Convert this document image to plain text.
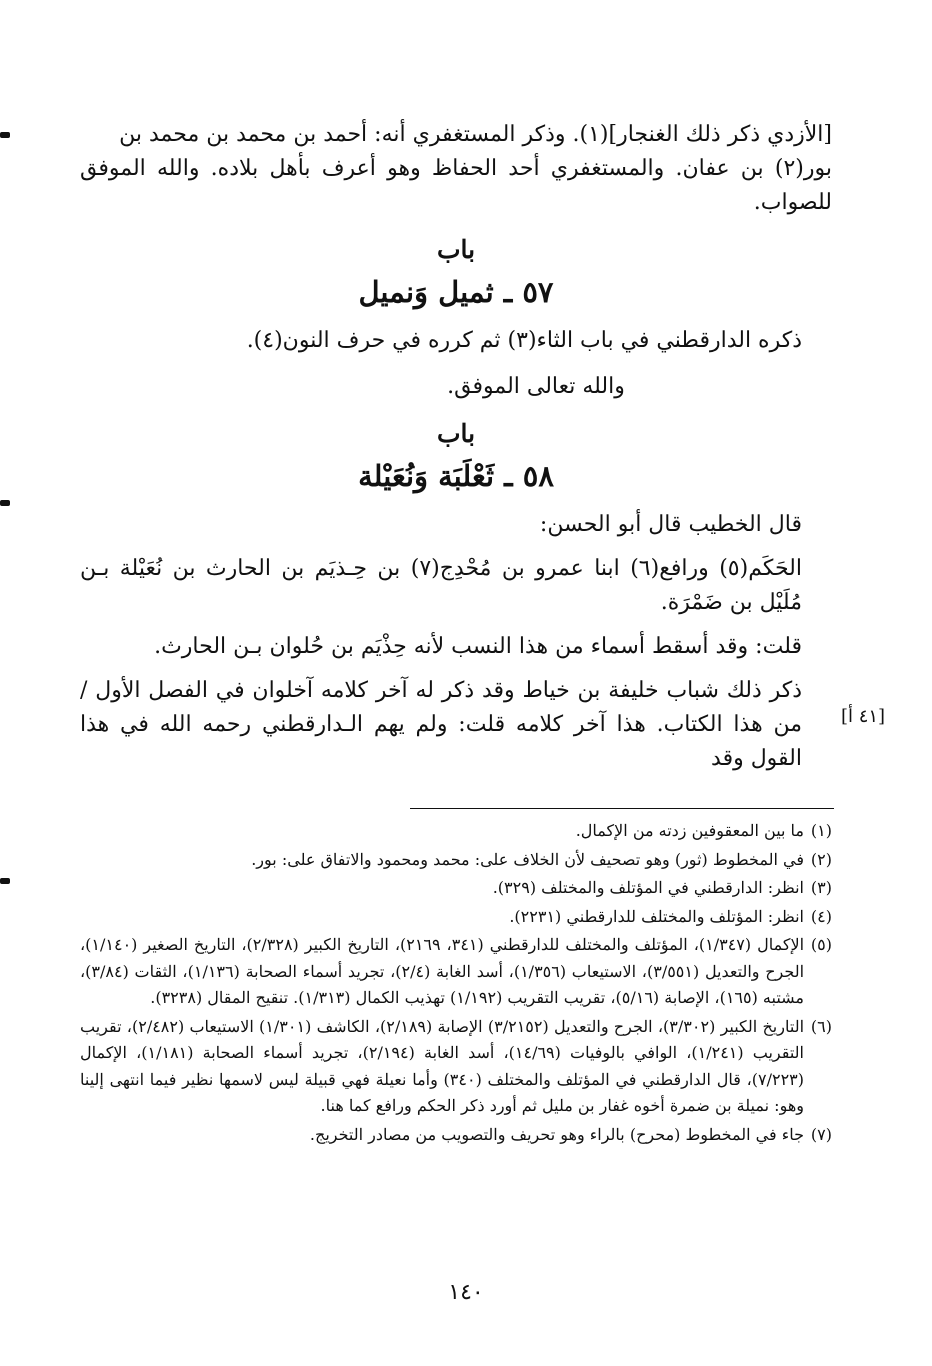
[الأزدي ذكر ذلك الغنجار](١). وذكر المستغفري أنه: أحمد بن محمد بن محمد بن

بور(٢) بن عفان. والمستغفري أحد الحفاظ وهو أعرف بأهل بلاده. والله الموفق للصواب.

باب
٥٧ ـ ثميل وَنميل

ذكره الدارقطني في باب الثاء(٣) ثم كرره في حرف النون(٤).

والله تعالى الموفق.

باب
٥٨ ـ ثَعْلَبَة وَنُعَيْلة

قال الخطيب قال أبو الحسن:

الحَكَم(٥) ورافع(٦) ابنا عمرو بن مُحْدِج(٧) بن حِـذيَم بن الحارث بن نُعَيْلة بـن مُلَيْل بن ضَمْرَة.

قلت: وقد أسقط أسماء من هذا النسب لأنه حِذْيَم بن حُلوان بـن الحارث.

ذكر ذلك شباب خليفة بن خياط وقد ذكر له آخر كلامه آخلوان في الفصل الأول / من هذا الكتاب. هذا آخر كلامه قلت: ولم يهم الـدارقطني رحمه الله في هذا القول وقد

[٤١ أ]

(١)
ما بين المعقوفين زدته من الإكمال.

(٢)
في المخطوط (ثور) وهو تصحيف لأن الخلاف على: محمد ومحمود والاتفاق على: بور.

(٣)
انظر: الدارقطني في المؤتلف والمختلف (٣٢٩).

(٤)
انظر: المؤتلف والمختلف للدارقطني (٢٢٣١).

(٥)
الإكمال (١/٣٤٧)، المؤتلف والمختلف للدارقطني (٣٤١، ٢١٦٩)، التاريخ الكبير (٢/٣٢٨)، التاريخ الصغير (١/١٤٠)، الجرح والتعديل (٣/٥٥١)، الاستيعاب (١/٣٥٦)، أسد الغابة (٢/٤)، تجريد أسماء الصحابة (١/١٣٦)، الثقات (٣/٨٤)، مشتبه (١٦٥)، الإصابة (٥/١٦)، تقريب التقريب (١/١٩٢) تهذيب الكمال (١/٣١٣). تنقيح المقال (٣٢٣٨).

(٦)
التاريخ الكبير (٣/٣٠٢)، الجرح والتعديل (٣/٢١٥٢) الإصابة (٢/١٨٩)، الكاشف (١/٣٠١) الاستيعاب (٢/٤٨٢)، تقريب التقريب (١/٢٤١)، الوافي بالوفيات (١٤/٦٩)، أسد الغابة (٢/١٩٤)، تجريد أسماء الصحابة (١/١٨١)، الإكمال (٧/٢٢٣)، قال الدارقطني في المؤتلف والمختلف (٣٤٠) وأما نعيلة فهي قبيلة ليس لاسمها نظير فيما انتهى إلينا وهو: نميلة بن ضمرة أخوه غفار بن مليل ثم أورد ذكر الحكم ورافع كما هنا.

(٧)
جاء في المخطوط (محرح) بالراء وهو تحريف والتصويب من مصادر التخريج.

١٤٠
